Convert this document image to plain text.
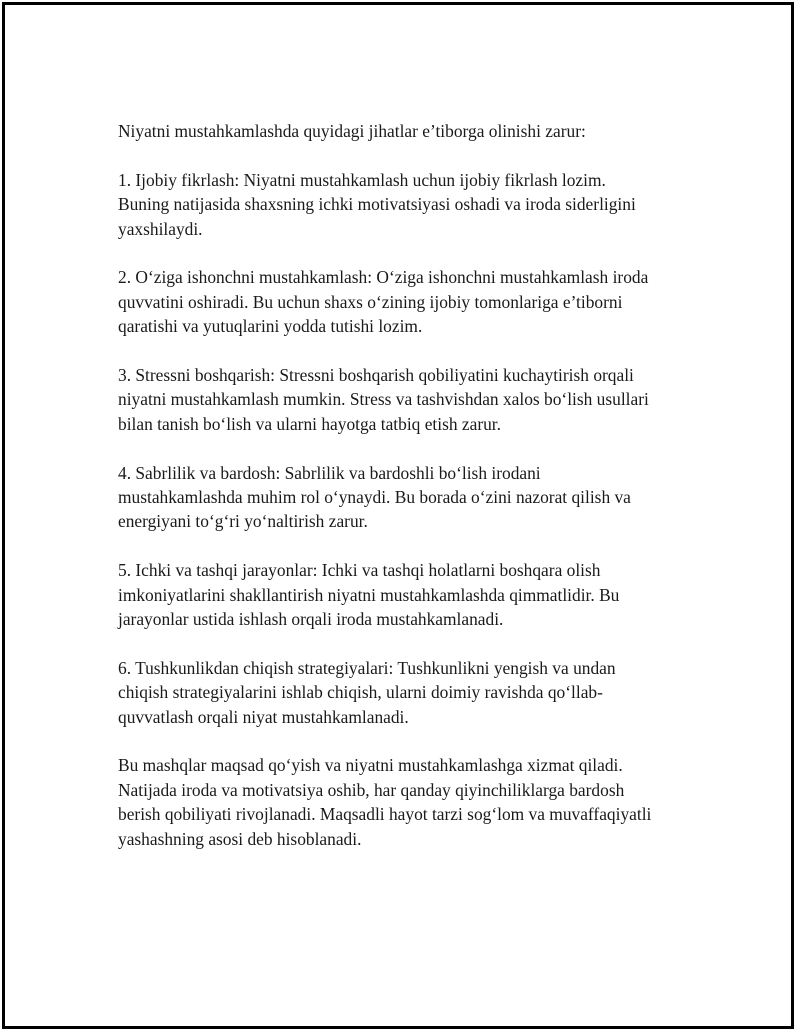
Niyatni mustahkamlashda quyidagi jihatlar e’tiborga olinishi zarur:

1. Ijobiy fikrlash: Niyatni mustahkamlash uchun ijobiy fikrlash lozim.
Buning natijasida shaxsning ichki motivatsiyasi oshadi va iroda siderligini
yaxshilaydi.

2. O‘ziga ishonchni mustahkamlash: O‘ziga ishonchni mustahkamlash iroda
quvvatini oshiradi. Bu uchun shaxs o‘zining ijobiy tomonlariga e’tiborni
qaratishi va yutuqlarini yodda tutishi lozim.

3. Stressni boshqarish: Stressni boshqarish qobiliyatini kuchaytirish orqali
niyatni mustahkamlash mumkin. Stress va tashvishdan xalos bo‘lish usullari
bilan tanish bo‘lish va ularni hayotga tatbiq etish zarur.

4. Sabrlilik va bardosh: Sabrlilik va bardoshli bo‘lish irodani
mustahkamlashda muhim rol o‘ynaydi. Bu borada o‘zini nazorat qilish va
energiyani to‘g‘ri yo‘naltirish zarur.

5. Ichki va tashqi jarayonlar: Ichki va tashqi holatlarni boshqara olish
imkoniyatlarini shakllantirish niyatni mustahkamlashda qimmatlidir. Bu
jarayonlar ustida ishlash orqali iroda mustahkamlanadi.

6. Tushkunlikdan chiqish strategiyalari: Tushkunlikni yengish va undan
chiqish strategiyalarini ishlab chiqish, ularni doimiy ravishda qo‘llab-
quvvatlash orqali niyat mustahkamlanadi.

Bu mashqlar maqsad qo‘yish va niyatni mustahkamlashga xizmat qiladi.
Natijada iroda va motivatsiya oshib, har qanday qiyinchiliklarga bardosh
berish qobiliyati rivojlanadi. Maqsadli hayot tarzi sog‘lom va muvaffaqiyatli
yashashning asosi deb hisoblanadi.
